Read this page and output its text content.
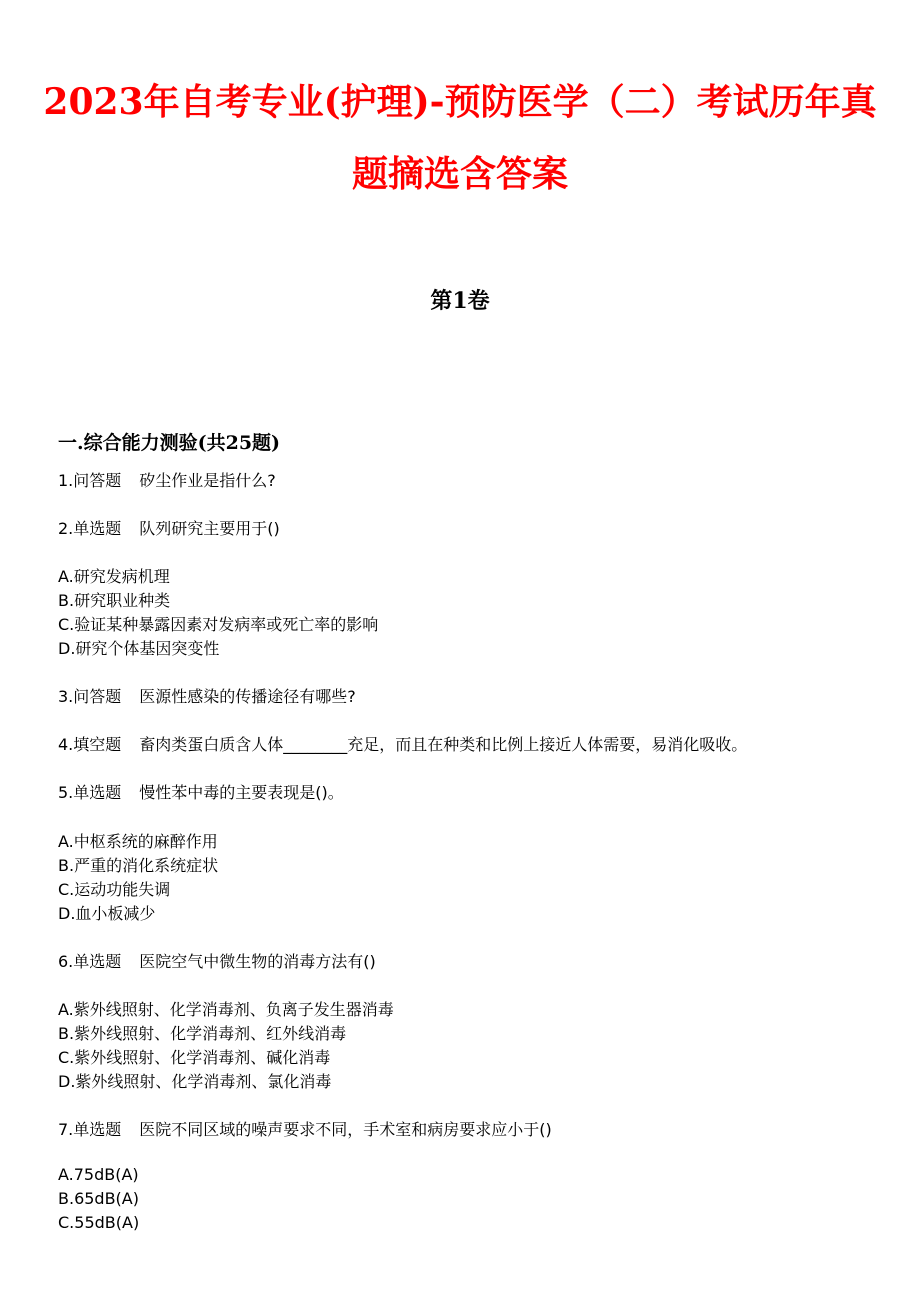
2023年自考专业(护理)-预防医学（二）考试历年真
题摘选含答案
第1卷
一.综合能力测验(共25题)
1.问答题 矽尘作业是指什么?
2.单选题 队列研究主要用于()
A.研究发病机理
B.研究职业种类
C.验证某种暴露因素对发病率或死亡率的影响
D.研究个体基因突变性
3.问答题 医源性感染的传播途径有哪些?
4.填空题 畜肉类蛋白质含人体________充足，而且在种类和比例上接近人体需要，易消化吸收。
5.单选题 慢性苯中毒的主要表现是()。
A.中枢系统的麻醉作用
B.严重的消化系统症状
C.运动功能失调
D.血小板减少
6.单选题 医院空气中微生物的消毒方法有()
A.紫外线照射、化学消毒剂、负离子发生器消毒
B.紫外线照射、化学消毒剂、红外线消毒
C.紫外线照射、化学消毒剂、碱化消毒
D.紫外线照射、化学消毒剂、氯化消毒
7.单选题 医院不同区域的噪声要求不同，手术室和病房要求应小于()
A.75dB(A)
B.65dB(A)
C.55dB(A)
